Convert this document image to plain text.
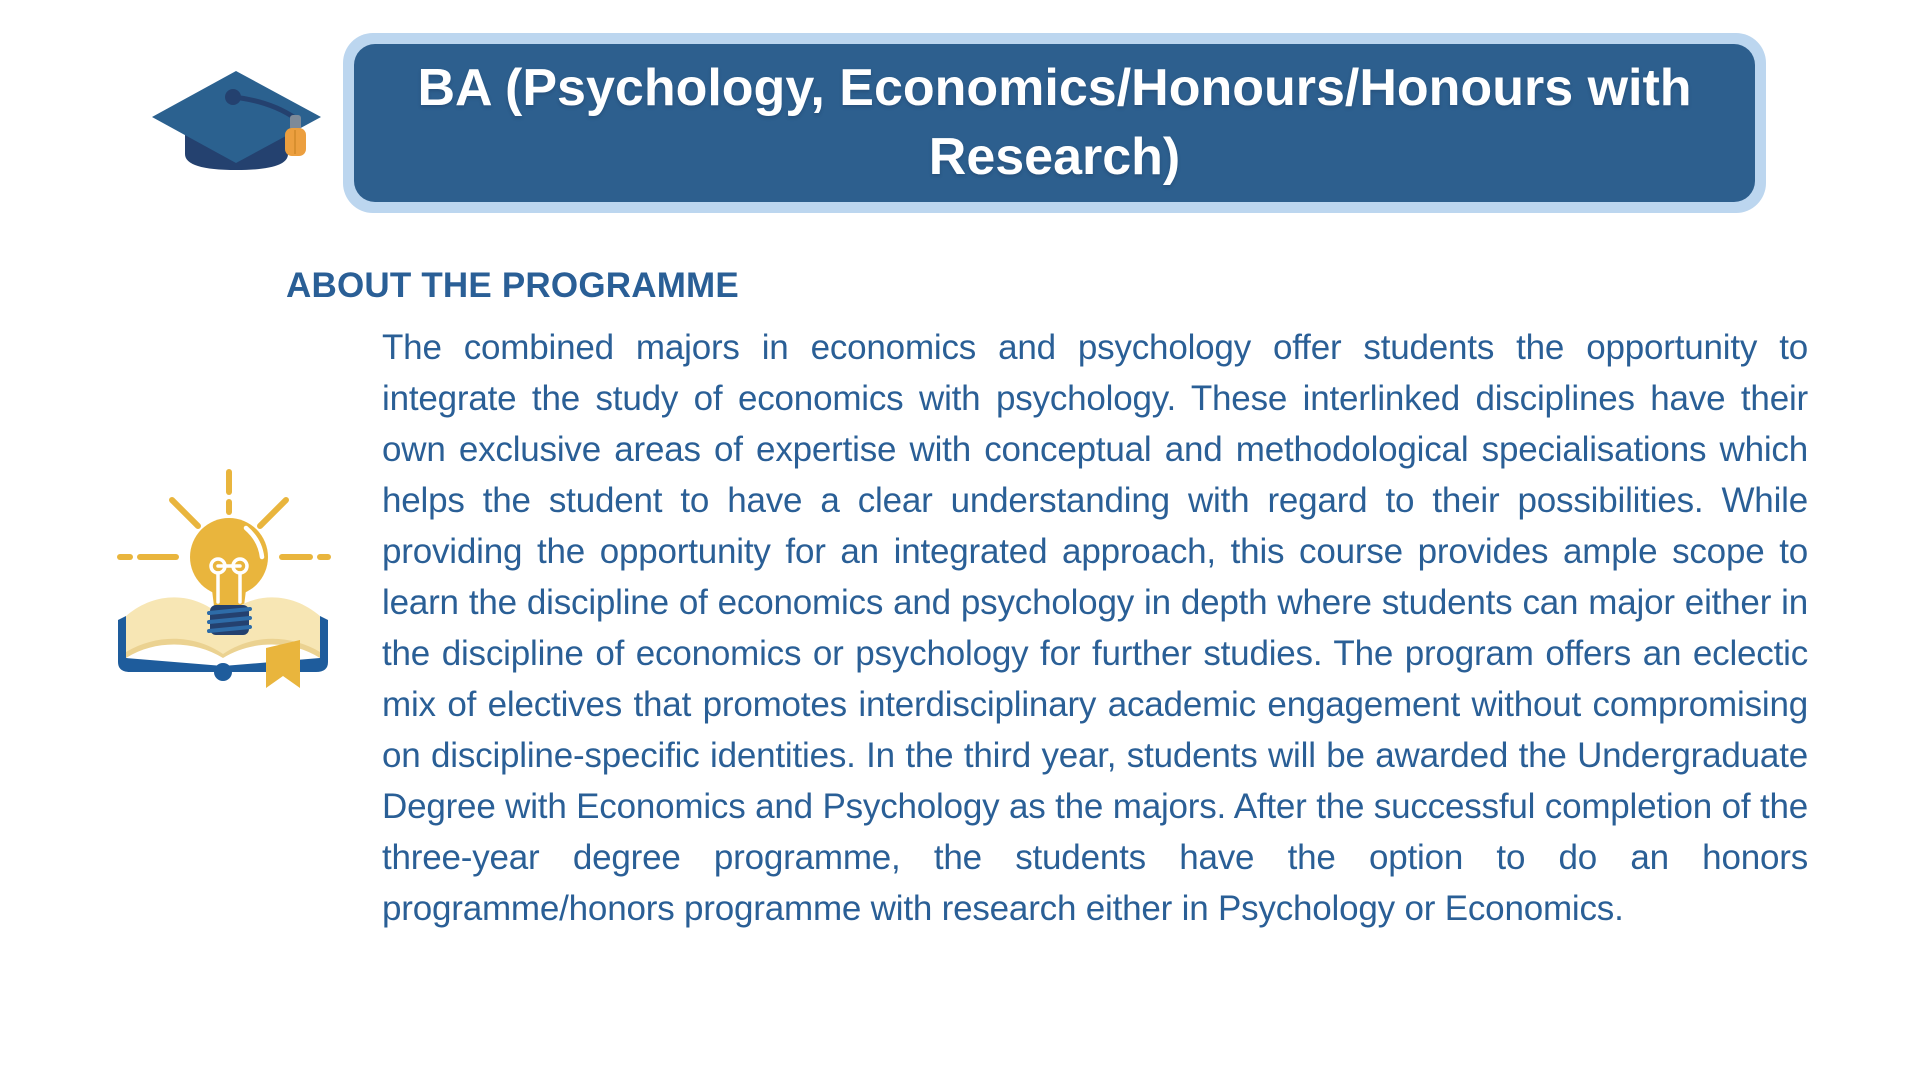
BA (Psychology, Economics/Honours/Honours with Research)
ABOUT THE PROGRAMME

The combined majors in economics and psychology offer students the opportunity to integrate the study of economics with psychology. These interlinked disciplines have their own exclusive areas of expertise with conceptual and methodological specialisations which helps the student to have a clear understanding with regard to their possibilities. While providing the opportunity for an integrated approach, this course provides ample scope to learn the discipline of economics and psychology in depth where students can major either in the discipline of economics or psychology for further studies. The program offers an eclectic mix of electives that promotes interdisciplinary academic engagement without compromising on discipline-specific identities. In the third year, students will be awarded the Undergraduate Degree with Economics and Psychology as the majors. After the successful completion of the three-year degree programme, the students have the option to do an honors programme/honors programme with research either in Psychology or Economics.
